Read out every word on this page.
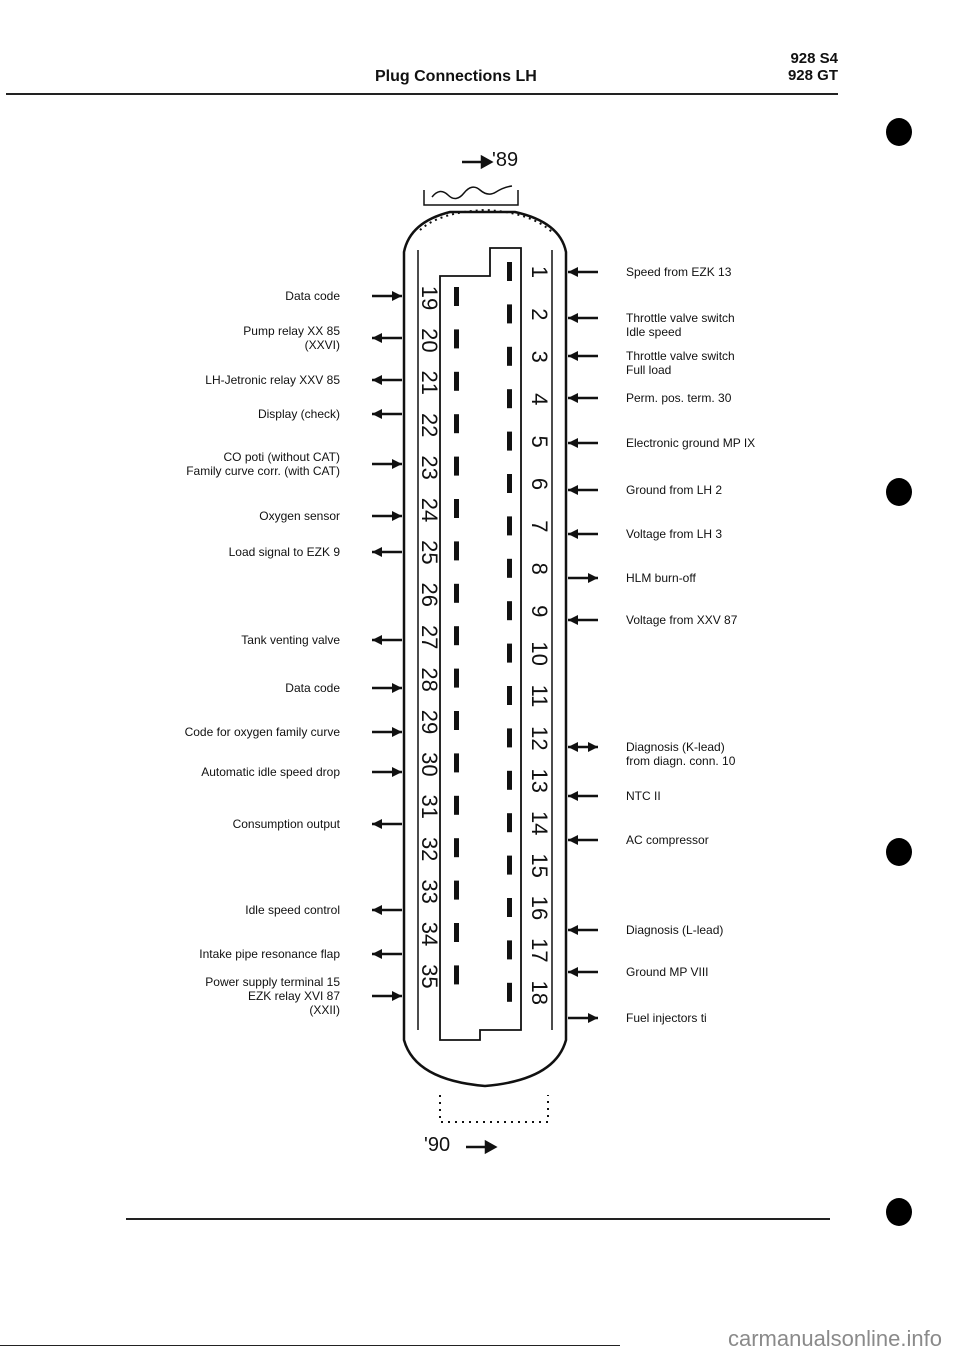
Plug Connections LH
928 S4
928 GT
'89
'90
1
2
3
4
5
6
7
8
9
10
11
12
13
14
15
16
17
18
19
20
21
22
23
24
25
26
27
28
29
30
31
32
33
34
35
Data code
Pump relay XX 85
(XXVI)
LH-Jetronic relay XXV 85
Display (check)
CO poti (without CAT)
Family curve corr. (with CAT)
Oxygen sensor
Load signal to EZK 9
Tank venting valve
Data code
Code for oxygen family curve
Automatic idle speed drop
Consumption output
Idle speed control
Intake pipe resonance flap
Power supply terminal 15
EZK relay XVI 87
(XXII)
Speed from EZK 13
Throttle valve switch
Idle speed
Throttle valve switch
Full load
Perm. pos. term. 30
Electronic ground MP IX
Ground from LH 2
Voltage from LH 3
HLM burn-off
Voltage from XXV 87
Diagnosis (K-lead)
from diagn. conn. 10
NTC II
AC compressor
Diagnosis (L-lead)
Ground MP VIII
Fuel injectors ti
carmanualsonline.info
